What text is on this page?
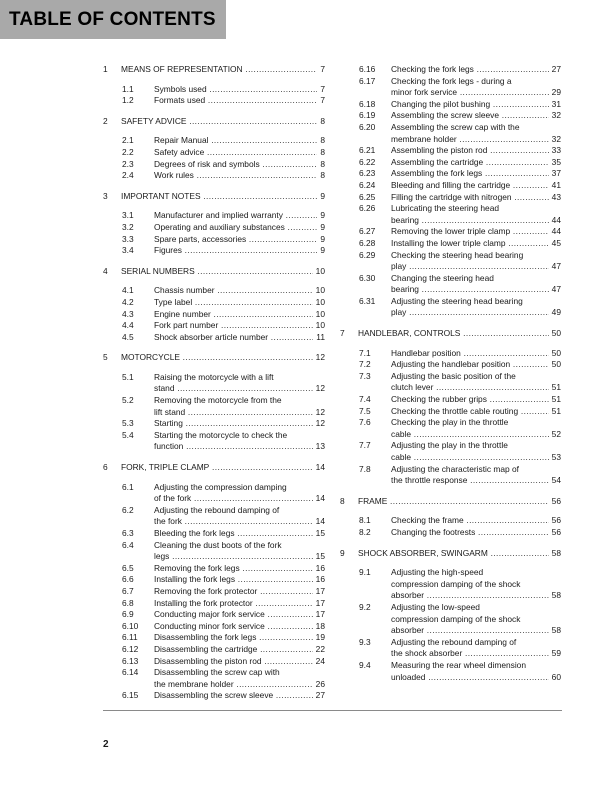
TABLE OF CONTENTS
1	MEANS OF REPRESENTATION .....	7
1.1	Symbols used .....	7
1.2	Formats used .....	7
2	SAFETY ADVICE .....	8
2.1	Repair Manual .....	8
2.2	Safety advice .....	8
2.3	Degrees of risk and symbols .....	8
2.4	Work rules .....	8
3	IMPORTANT NOTES .....	9
3.1	Manufacturer and implied warranty .....	9
3.2	Operating and auxiliary substances .....	9
3.3	Spare parts, accessories .....	9
3.4	Figures .....	9
4	SERIAL NUMBERS .....	10
4.1	Chassis number .....	10
4.2	Type label .....	10
4.3	Engine number .....	10
4.4	Fork part number .....	10
4.5	Shock absorber article number .....	11
5	MOTORCYCLE .....	12
5.1	Raising the motorcycle with a lift
stand .....	12
5.2	Removing the motorcycle from the
lift stand .....	12
5.3	Starting .....	12
5.4	Starting the motorcycle to check the
function .....	13
6	FORK, TRIPLE CLAMP .....	14
6.1	Adjusting the compression damping
of the fork .....	14
6.2	Adjusting the rebound damping of
the fork .....	14
6.3	Bleeding the fork legs .....	15
6.4	Cleaning the dust boots of the fork
legs .....	15
6.5	Removing the fork legs .....	16
6.6	Installing the fork legs .....	16
6.7	Removing the fork protector .....	17
6.8	Installing the fork protector .....	17
6.9	Conducting major fork service .....	17
6.10	Conducting minor fork service .....	18
6.11	Disassembling the fork legs .....	19
6.12	Disassembling the cartridge .....	22
6.13	Disassembling the piston rod .....	24
6.14	Disassembling the screw cap with
the membrane holder .....	26
6.15	Disassembling the screw sleeve .....	27
6.16	Checking the fork legs .....	27
6.17	Checking the fork legs - during a
minor fork service .....	29
6.18	Changing the pilot bushing .....	31
6.19	Assembling the screw sleeve .....	32
6.20	Assembling the screw cap with the
membrane holder .....	32
6.21	Assembling the piston rod .....	33
6.22	Assembling the cartridge .....	35
6.23	Assembling the fork legs .....	37
6.24	Bleeding and filling the cartridge .....	41
6.25	Filling the cartridge with nitrogen .....	43
6.26	Lubricating the steering head
bearing .....	44
6.27	Removing the lower triple clamp .....	44
6.28	Installing the lower triple clamp .....	45
6.29	Checking the steering head bearing
play .....	47
6.30	Changing the steering head
bearing .....	47
6.31	Adjusting the steering head bearing
play .....	49
7	HANDLEBAR, CONTROLS .....	50
7.1	Handlebar position .....	50
7.2	Adjusting the handlebar position .....	50
7.3	Adjusting the basic position of the
clutch lever .....	51
7.4	Checking the rubber grips .....	51
7.5	Checking the throttle cable routing .....	51
7.6	Checking the play in the throttle
cable .....	52
7.7	Adjusting the play in the throttle
cable .....	53
7.8	Adjusting the characteristic map of
the throttle response .....	54
8	FRAME .....	56
8.1	Checking the frame .....	56
8.2	Changing the footrests .....	56
9	SHOCK ABSORBER, SWINGARM .....	58
9.1	Adjusting the high-speed
compression damping of the shock
absorber .....	58
9.2	Adjusting the low-speed
compression damping of the shock
absorber .....	58
9.3	Adjusting the rebound damping of
the shock absorber .....	59
9.4	Measuring the rear wheel dimension
unloaded .....	60
2
